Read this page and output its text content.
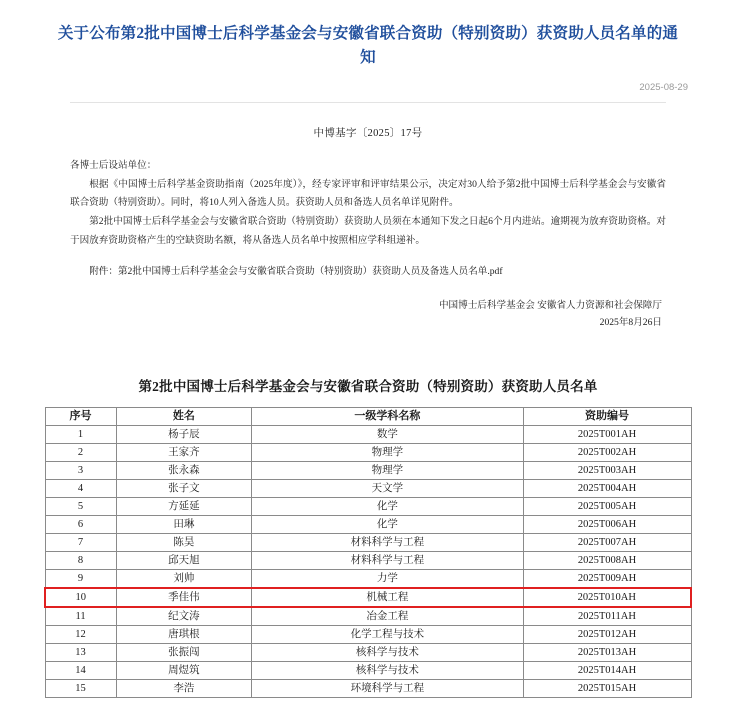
关于公布第2批中国博士后科学基金会与安徽省联合资助（特别资助）获资助人员名单的通知
2025-08-29
中博基字〔2025〕17号

各博士后设站单位：

根据《中国博士后科学基金资助指南（2025年度）》，经专家评审和评审结果公示，决定对30人给予第2批中国博士后科学基金会与安徽省联合资助（特别资助）。同时，将10人列入备选人员。获资助人员和备选人员名单详见附件。

第2批中国博士后科学基金会与安徽省联合资助（特别资助）获资助人员须在本通知下发之日起6个月内进站。逾期视为放弃资助资格。对于因放弃资助资格产生的空缺资助名额，将从备选人员名单中按照相应学科组递补。

附件：第2批中国博士后科学基金会与安徽省联合资助（特别资助）获资助人员及备选人员名单.pdf
中国博士后科学基金会 安徽省人力资源和社会保障厅
2025年8月26日
第2批中国博士后科学基金会与安徽省联合资助（特别资助）获资助人员名单
序号	姓名	一级学科名称	资助编号
1	杨子辰	数学	2025T001AH
2	王家齐	物理学	2025T002AH
3	张永森	物理学	2025T003AH
4	张子文	天文学	2025T004AH
5	方延延	化学	2025T005AH
6	田琳	化学	2025T006AH
7	陈昊	材料科学与工程	2025T007AH
8	邱天旭	材料科学与工程	2025T008AH
9	刘帅	力学	2025T009AH
10	季佳伟	机械工程	2025T010AH
11	纪文涛	冶金工程	2025T011AH
12	唐琪根	化学工程与技术	2025T012AH
13	张振闯	核科学与技术	2025T013AH
14	周煜筑	核科学与技术	2025T014AH
15	李浩	环境科学与工程	2025T015AH
